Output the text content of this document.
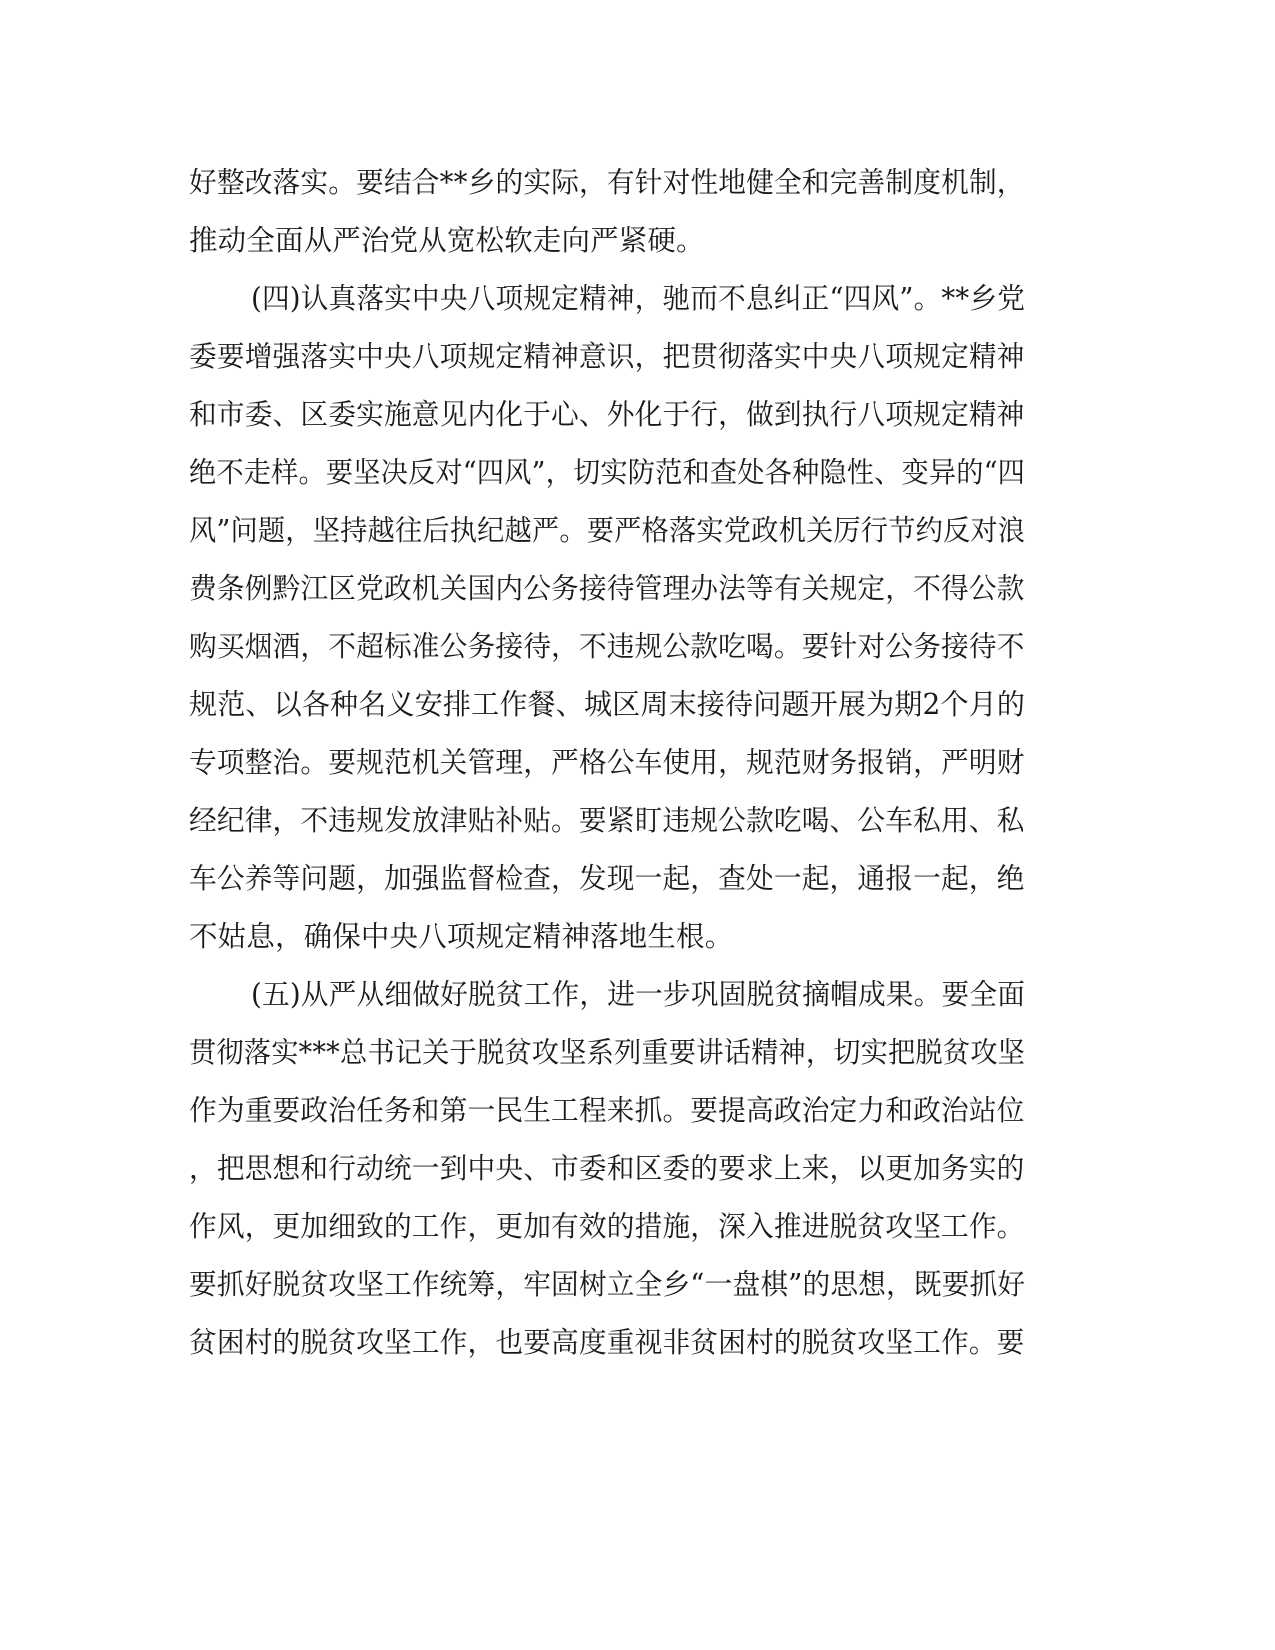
好整改落实。要结合**乡的实际，有针对性地健全和完善制度机制，
推动全面从严治党从宽松软走向严紧硬。
(四)认真落实中央八项规定精神，驰而不息纠正“四风”。**乡党
委要增强落实中央八项规定精神意识，把贯彻落实中央八项规定精神
和市委、区委实施意见内化于心、外化于行，做到执行八项规定精神
绝不走样。要坚决反对“四风”，切实防范和查处各种隐性、变异的“四
风”问题，坚持越往后执纪越严。要严格落实党政机关厉行节约反对浪
费条例黔江区党政机关国内公务接待管理办法等有关规定，不得公款
购买烟酒，不超标准公务接待，不违规公款吃喝。要针对公务接待不
规范、以各种名义安排工作餐、城区周末接待问题开展为期2个月的
专项整治。要规范机关管理，严格公车使用，规范财务报销，严明财
经纪律，不违规发放津贴补贴。要紧盯违规公款吃喝、公车私用、私
车公养等问题，加强监督检查，发现一起，查处一起，通报一起，绝
不姑息，确保中央八项规定精神落地生根。
(五)从严从细做好脱贫工作，进一步巩固脱贫摘帽成果。要全面
贯彻落实***总书记关于脱贫攻坚系列重要讲话精神，切实把脱贫攻坚
作为重要政治任务和第一民生工程来抓。要提高政治定力和政治站位
，把思想和行动统一到中央、市委和区委的要求上来，以更加务实的
作风，更加细致的工作，更加有效的措施，深入推进脱贫攻坚工作。
要抓好脱贫攻坚工作统筹，牢固树立全乡“一盘棋”的思想，既要抓好
贫困村的脱贫攻坚工作，也要高度重视非贫困村的脱贫攻坚工作。要
